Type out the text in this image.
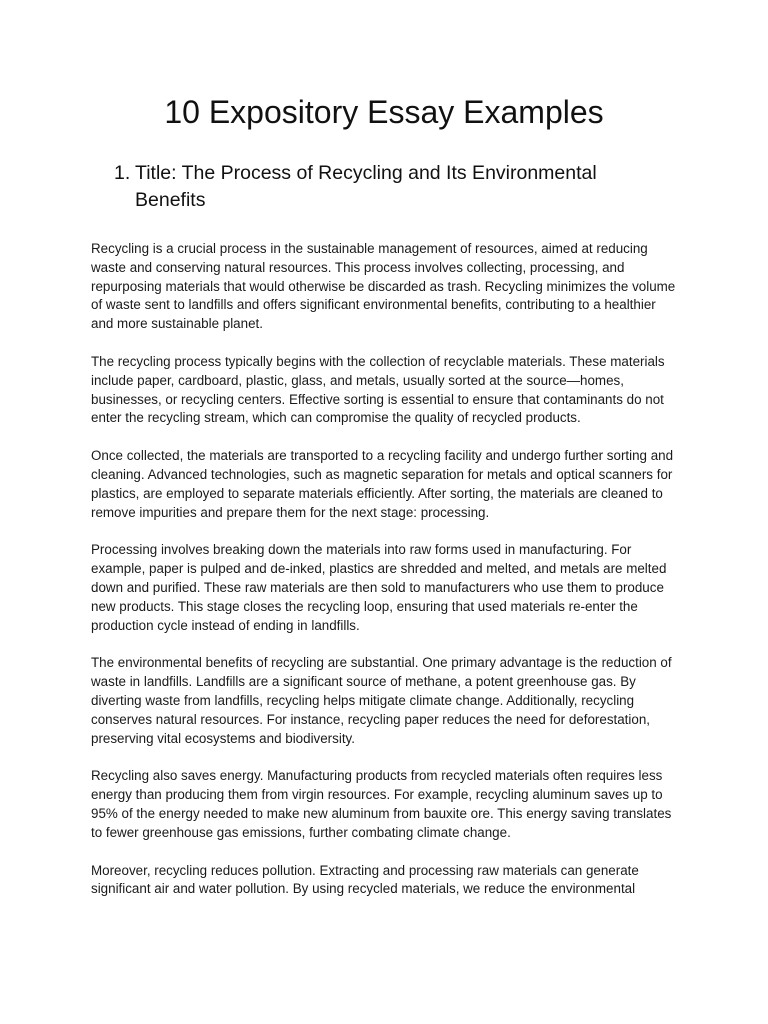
10 Expository Essay Examples
1. Title: The Process of Recycling and Its Environmental Benefits

Recycling is a crucial process in the sustainable management of resources, aimed at reducing waste and conserving natural resources. This process involves collecting, processing, and repurposing materials that would otherwise be discarded as trash. Recycling minimizes the volume of waste sent to landfills and offers significant environmental benefits, contributing to a healthier and more sustainable planet.

The recycling process typically begins with the collection of recyclable materials. These materials include paper, cardboard, plastic, glass, and metals, usually sorted at the source—homes, businesses, or recycling centers. Effective sorting is essential to ensure that contaminants do not enter the recycling stream, which can compromise the quality of recycled products.

Once collected, the materials are transported to a recycling facility and undergo further sorting and cleaning. Advanced technologies, such as magnetic separation for metals and optical scanners for plastics, are employed to separate materials efficiently. After sorting, the materials are cleaned to remove impurities and prepare them for the next stage: processing.

Processing involves breaking down the materials into raw forms used in manufacturing. For example, paper is pulped and de-inked, plastics are shredded and melted, and metals are melted down and purified. These raw materials are then sold to manufacturers who use them to produce new products. This stage closes the recycling loop, ensuring that used materials re-enter the production cycle instead of ending in landfills.

The environmental benefits of recycling are substantial. One primary advantage is the reduction of waste in landfills. Landfills are a significant source of methane, a potent greenhouse gas. By diverting waste from landfills, recycling helps mitigate climate change. Additionally, recycling conserves natural resources. For instance, recycling paper reduces the need for deforestation, preserving vital ecosystems and biodiversity.

Recycling also saves energy. Manufacturing products from recycled materials often requires less energy than producing them from virgin resources. For example, recycling aluminum saves up to 95% of the energy needed to make new aluminum from bauxite ore. This energy saving translates to fewer greenhouse gas emissions, further combating climate change.

Moreover, recycling reduces pollution. Extracting and processing raw materials can generate significant air and water pollution. By using recycled materials, we reduce the environmental
